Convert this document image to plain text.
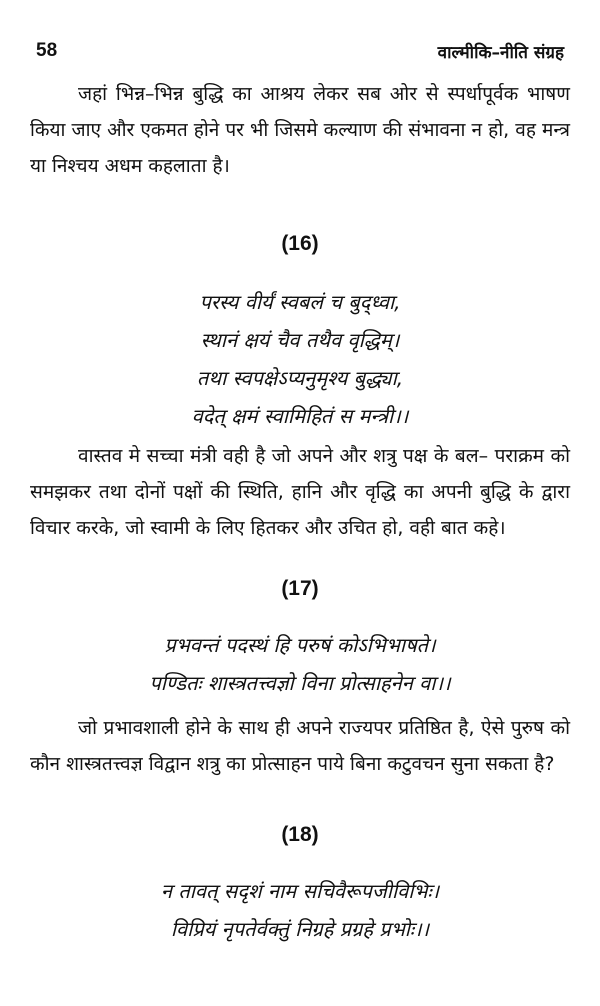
58	वाल्मीकि–नीति संग्रह

जहां भिन्न–भिन्न बुद्धि का आश्रय लेकर सब ओर से स्पर्धापूर्वक भाषण किया जाए और एकमत होने पर भी जिसमे कल्याण की संभावना न हो, वह मन्त्र या निश्चय अधम कहलाता है।

(16)
परस्य वीर्यं स्वबलं च बुद्ध्वा,
स्थानं क्षयं चैव तथैव वृद्धिम्।
तथा स्वपक्षेऽप्यनुमृश्य बुद्ध्या,
वदेत् क्षमं स्वामिहितं स मन्त्री।।

वास्तव मे सच्चा मंत्री वही है जो अपने और शत्रु पक्ष के बल– पराक्रम को समझकर तथा दोनों पक्षों की स्थिति, हानि और वृद्धि का अपनी बुद्धि के द्वारा विचार करके, जो स्वामी के लिए हितकर और उचित हो, वही बात कहे।

(17)
प्रभवन्तं पदस्थं हि परुषं कोऽभिभाषते।
पण्डितः शास्त्रतत्त्वज्ञो विना प्रोत्साहनेन वा।।

जो प्रभावशाली होने के साथ ही अपने राज्यपर प्रतिष्ठित है, ऐसे पुरुष को कौन शास्त्रतत्त्वज्ञ विद्वान शत्रु का प्रोत्साहन पाये बिना कटुवचन सुना सकता है?

(18)
न तावत् सदृशं नाम सचिवैरूपजीविभिः।
विप्रियं नृपतेर्वक्तुं निग्रहे प्रग्रहे प्रभोः।।
